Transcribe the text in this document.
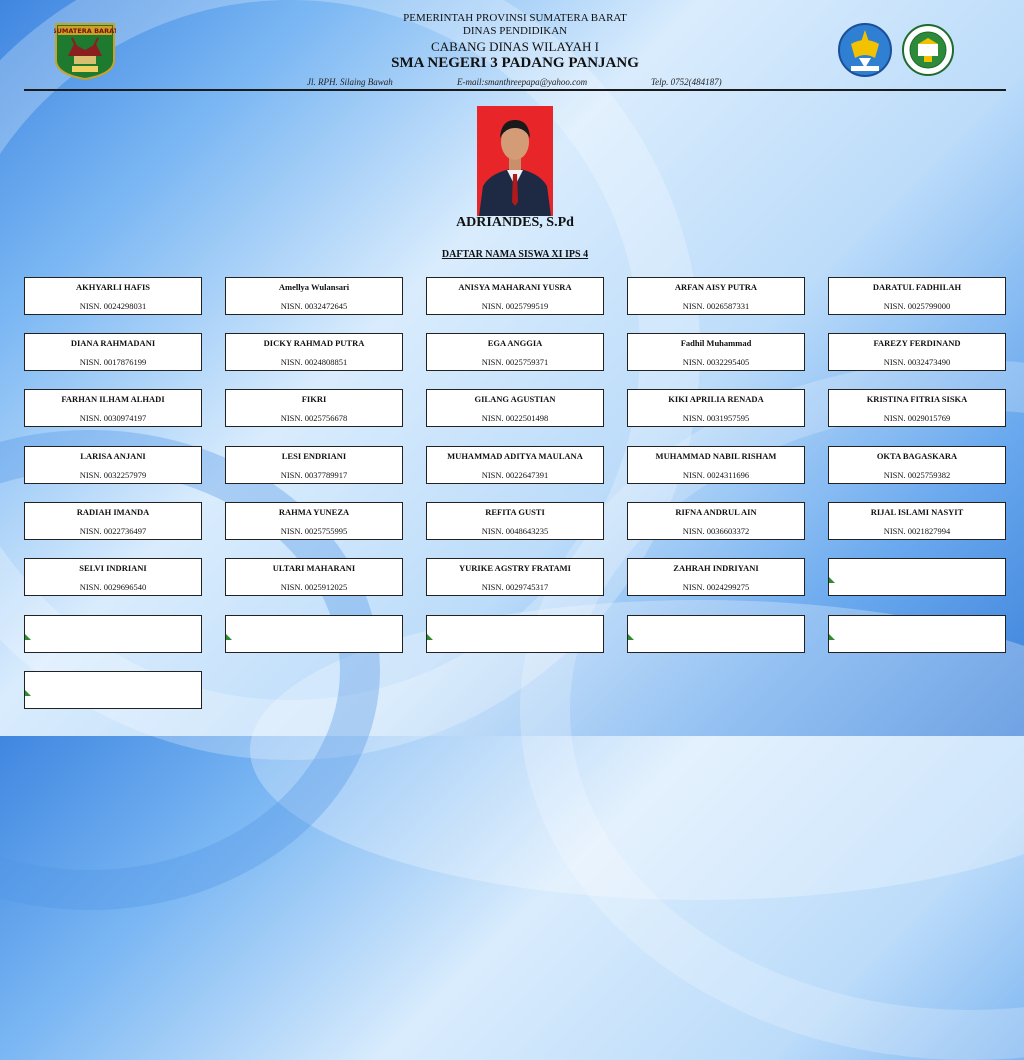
SUMATERA BARAT
PEMERINTAH PROVINSI SUMATERA BARAT
DINAS PENDIDIKAN
CABANG DINAS WILAYAH I
SMA NEGERI 3 PADANG PANJANG
Jl. RPH. Silaing Bawah	E-mail:smanthreepapa@yahoo.com	Telp. 0752(484187)
ADRIANDES, S.Pd
DAFTAR NAMA SISWA XI IPS 4
AKHYARLI HAFIS
NISN. 0024298031
Amellya Wulansari
NISN. 0032472645
ANISYA MAHARANI YUSRA
NISN. 0025799519
ARFAN AISY PUTRA
NISN. 0026587331
DARATUL FADHILAH
NISN. 0025799000
DIANA RAHMADANI
NISN. 0017876199
DICKY RAHMAD PUTRA
NISN. 0024808851
EGA ANGGIA
NISN. 0025759371
Fadhil Muhammad
NISN. 0032295405
FAREZY FERDINAND
NISN. 0032473490
FARHAN ILHAM ALHADI
NISN. 0030974197
FIKRI
NISN. 0025756678
GILANG AGUSTIAN
NISN. 0022501498
KIKI APRILIA RENADA
NISN. 0031957595
KRISTINA FITRIA SISKA
NISN. 0029015769
LARISA ANJANI
NISN. 0032257979
LESI ENDRIANI
NISN. 0037789917
MUHAMMAD ADITYA MAULANA
NISN. 0022647391
MUHAMMAD NABIL RISHAM
NISN. 0024311696
OKTA BAGASKARA
NISN. 0025759382
RADIAH IMANDA
NISN. 0022736497
RAHMA YUNEZA
NISN. 0025755995
REFITA GUSTI
NISN. 0048643235
RIFNA ANDRUL AIN
NISN. 0036603372
RIJAL ISLAMI NASYIT
NISN. 0021827994
SELVI INDRIANI
NISN. 0029696540
ULTARI MAHARANI
NISN. 0025912025
YURIKE AGSTRY FRATAMI
NISN. 0029745317
ZAHRAH INDRIYANI
NISN. 0024299275
